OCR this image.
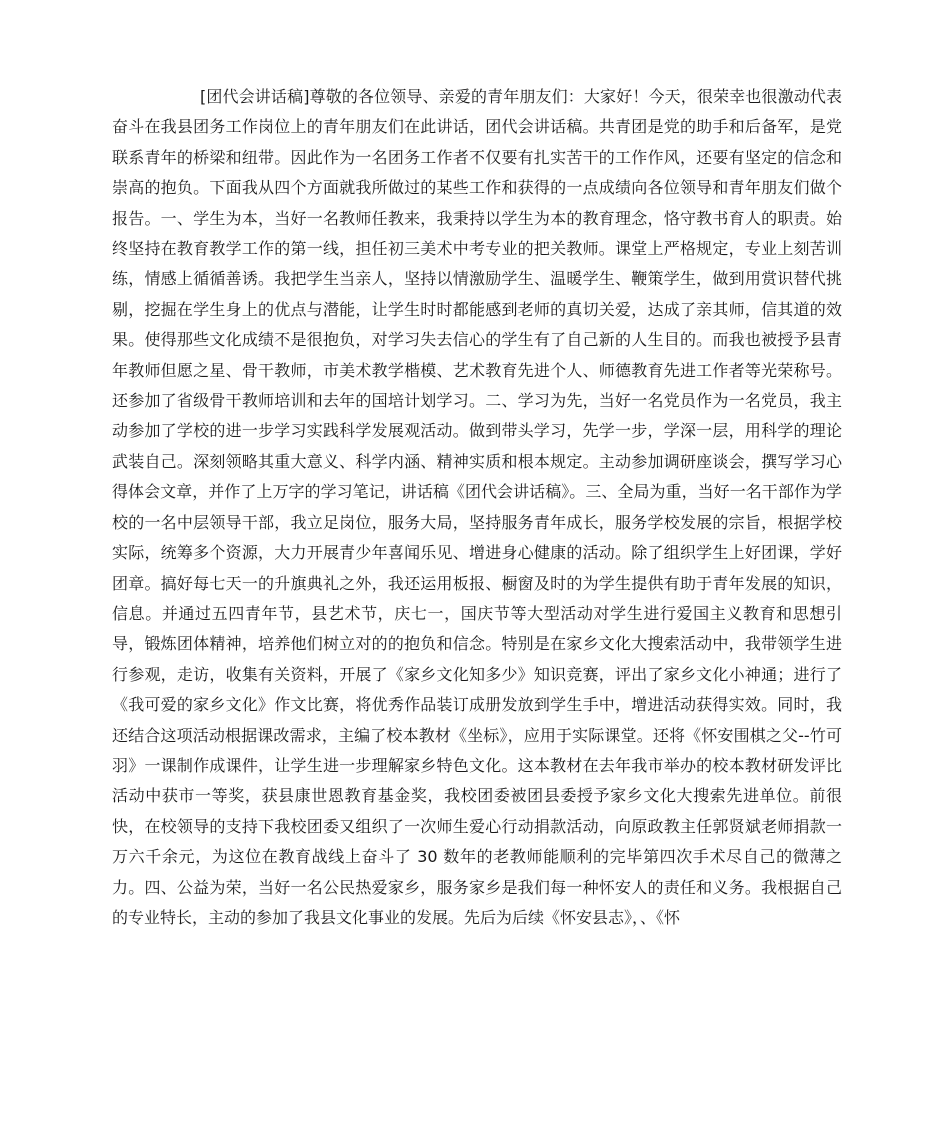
[团代会讲话稿]尊敬的各位领导、亲爱的青年朋友们：大家好！今天，很荣幸也很激动代表奋斗在我县团务工作岗位上的青年朋友们在此讲话，团代会讲话稿。共青团是党的助手和后备军，是党联系青年的桥梁和纽带。因此作为一名团务工作者不仅要有扎实苦干的工作作风，还要有坚定的信念和崇高的抱负。下面我从四个方面就我所做过的某些工作和获得的一点成绩向各位领导和青年朋友们做个报告。一、学生为本，当好一名教师任教来，我秉持以学生为本的教育理念，恪守教书育人的职责。始终坚持在教育教学工作的第一线，担任初三美术中考专业的把关教师。课堂上严格规定，专业上刻苦训练，情感上循循善诱。我把学生当亲人，坚持以情激励学生、温暖学生、鞭策学生，做到用赏识替代挑剔，挖掘在学生身上的优点与潜能，让学生时时都能感到老师的真切关爱，达成了亲其师，信其道的效果。使得那些文化成绩不是很抱负，对学习失去信心的学生有了自己新的人生目的。而我也被授予县青年教师但愿之星、骨干教师，市美术教学楷模、艺术教育先进个人、师德教育先进工作者等光荣称号。还参加了省级骨干教师培训和去年的国培计划学习。二、学习为先，当好一名党员作为一名党员，我主动参加了学校的进一步学习实践科学发展观活动。做到带头学习，先学一步，学深一层，用科学的理论武装自己。深刻领略其重大意义、科学内涵、精神实质和根本规定。主动参加调研座谈会，撰写学习心得体会文章，并作了上万字的学习笔记，讲话稿《团代会讲话稿》。三、全局为重，当好一名干部作为学校的一名中层领导干部，我立足岗位，服务大局，坚持服务青年成长，服务学校发展的宗旨，根据学校实际，统筹多个资源，大力开展青少年喜闻乐见、增进身心健康的活动。除了组织学生上好团课，学好团章。搞好每七天一的升旗典礼之外，我还运用板报、橱窗及时的为学生提供有助于青年发展的知识，信息。并通过五四青年节，县艺术节，庆七一，国庆节等大型活动对学生进行爱国主义教育和思想引导，锻炼团体精神，培养他们树立对的的抱负和信念。特别是在家乡文化大搜索活动中，我带领学生进行参观，走访，收集有关资料，开展了《家乡文化知多少》知识竞赛，评出了家乡文化小神通；进行了《我可爱的家乡文化》作文比赛，将优秀作品装订成册发放到学生手中，增进活动获得实效。同时，我还结合这项活动根据课改需求，主编了校本教材《坐标》，应用于实际课堂。还将《怀安围棋之父--竹可羽》一课制作成课件，让学生进一步理解家乡特色文化。这本教材在去年我市举办的校本教材研发评比活动中获市一等奖，获县康世恩教育基金奖，我校团委被团县委授予家乡文化大搜索先进单位。前很快，在校领导的支持下我校团委又组织了一次师生爱心行动捐款活动，向原政教主任郭贤斌老师捐款一万六千余元，为这位在教育战线上奋斗了 30 数年的老教师能顺利的完毕第四次手术尽自己的微薄之力。四、公益为荣，当好一名公民热爱家乡，服务家乡是我们每一种怀安人的责任和义务。我根据自己的专业特长，主动的参加了我县文化事业的发展。先后为后续《怀安县志》，、《怀
